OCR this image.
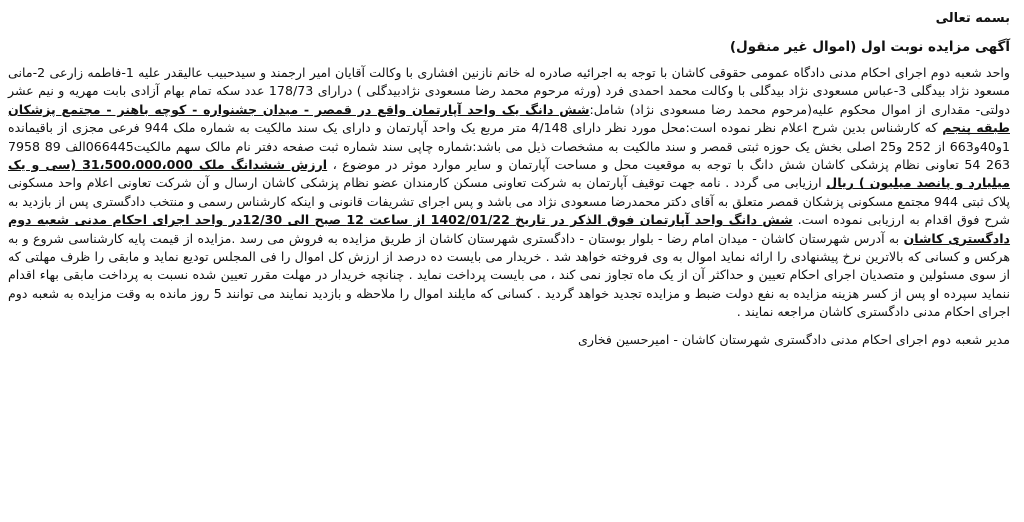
بسمه تعالی
آگهی مزایده نوبت اول (اموال غیر منقول)

واحد شعبه دوم اجرای احکام مدنی دادگاه عمومی حقوقی کاشان با توجه به اجرائیه صادره له خانم نازنین افشاری با وکالت آقایان امیر ارجمند و سیدحبیب عالیقدر علیه 1-فاطمه زارعی 2-مانی مسعود نژاد بیدگلی 3-عباس مسعودی نژاد بیدگلی با وکالت محمد احمدی فرد (ورثه مرحوم محمد رضا مسعودی نژادبیدگلی ) درارای 178/73 عدد سکه تمام بهام آزادی بابت مهریه و نیم عشر دولتی- مقداری از اموال محکوم علیه(مرحوم محمد رضا مسعودی نژاد) شامل:شش دانگ یک واحد آپارتمان واقع در قمصر - میدان جشنواره - کوچه باهنر - مجتمع پزشکان طبقه پنجم که کارشناس بدین شرح اعلام نظر نموده است:محل مورد نظر دارای 4/148 متر مربع یک واحد آپارتمان و دارای یک سند مالکیت به شماره ملک 944 فرعی مجزی از باقیمانده 1و40و663 از 252 و25 اصلی بخش یک حوزه ثبتی قمصر و سند مالکیت به مشخصات ذیل می باشد:شماره چاپی سند شماره ثبت صفحه دفتر نام مالک سهم مالکیت066445الف 89 7958 263 54 تعاونی نظام پزشکی کاشان شش دانگ با توجه به موقعیت محل و مساحت آپارتمان و سایر موارد موثر در موضوع ، ارزش ششدانگ ملک 31،500،000،000 (سی و یک میلیارد و پانصد میلیون ) ریال ارزیابی می گردد . نامه جهت توقیف آپارتمان به شرکت تعاونی مسکن کارمندان عضو نظام پزشکی کاشان ارسال و آن شرکت تعاونی اعلام واحد مسکونی پلاک ثبتی 944 مجتمع مسکونی پزشکان قمصر متعلق به آقای دکتر محمدرضا مسعودی نژاد می باشد و پس اجرای تشریفات قانونی و اینکه کارشناس رسمی و منتخب دادگستری پس از بازدید به شرح فوق اقدام به ارزیابی نموده است. شش دانگ واحد آپارتمان فوق الذکر در تاریخ 1402/01/22 از ساعت 12 صبح الی 12/30در واحد اجرای احکام مدنی شعبه دوم دادگستری کاشان به آدرس شهرستان کاشان - میدان امام رضا - بلوار بوستان - دادگستری شهرستان کاشان از طریق مزایده به فروش می رسد .مزایده از قیمت پایه کارشناسی شروع و به هرکس و کسانی که بالاترین نرخ پیشنهادی را ارائه نماید اموال به وی فروخته خواهد شد . خریدار می بایست ده درصد از ارزش کل اموال را فی المجلس تودیع نماید و مابقی را ظرف مهلتی که از سوی مسئولین و متصدیان اجرای احکام تعیین و حداکثر آن از یک ماه تجاوز نمی کند ، می بایست پرداخت نماید . چنانچه خریدار در مهلت مقرر تعیین شده نسبت به پرداخت مابقی بهاء اقدام ننماید سپرده او پس از کسر هزینه مزایده به نفع دولت ضبط و مزایده تجدید خواهد گردید . کسانی که مایلند اموال را ملاحظه و بازدید نمایند می توانند 5 روز مانده به وقت مزایده به شعبه دوم اجرای احکام مدنی دادگستری کاشان مراجعه نمایند .

مدیر شعبه دوم اجرای احکام مدنی دادگستری شهرستان کاشان - امیرحسین فخاری
